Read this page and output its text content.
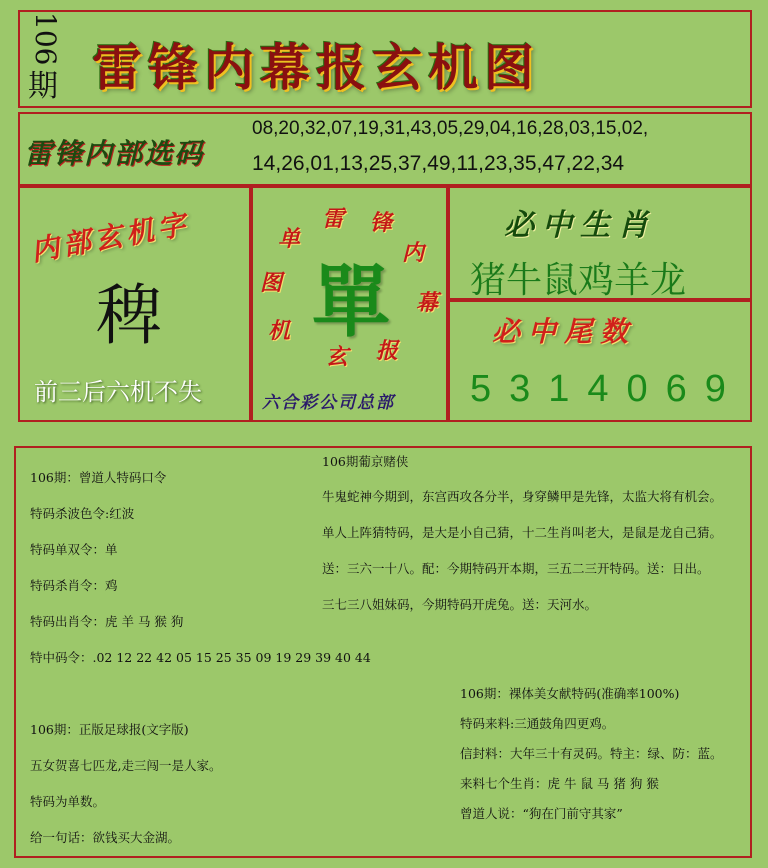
106
期 雷锋内幕报玄机图
雷锋内部选码
08,20,32,07,19,31,43,05,29,04,16,28,03,15,02,
14,26,01,13,25,37,49,11,23,35,47,22,34
内部玄机字
稗
前三后六机不失
雷 锋
内
幕
报
玄
机
图
单
單
六合彩公司总部
必中生肖
猪牛鼠鸡羊龙
必中尾数
5314069
106期：曾道人特码口令
特码杀波色令:红波
特码单双令：单
特码杀肖令：鸡
特码出肖令：虎 羊 马 猴 狗
特中码令：.02 12 22 42 05 15 25 35 09 19 29 39 40 44
106期：正版足球报(文字版)
五女贺喜七匹龙,走三闯一是人家。
特码为单数。
给一句话：欲钱买大金湖。
106期葡京赌侠
牛鬼蛇神今期到，东宫西攻各分半，身穿鳞甲是先锋，太监大将有机会。
单人上阵猜特码，是大是小自己猜，十二生肖叫老大，是鼠是龙自己猜。
送：三六一十八。配：今期特码开本期，三五二三开特码。送：日出。
三七三八姐妹码，今期特码开虎兔。送：天河水。
106期：裸体美女献特码(准确率100%)
特码来料:三通鼓角四更鸡。
信封料：大年三十有灵码。特主：绿、防：蓝。
来料七个生肖：虎 牛 鼠 马 猪 狗 猴
曾道人说：“狗在门前守其家”
